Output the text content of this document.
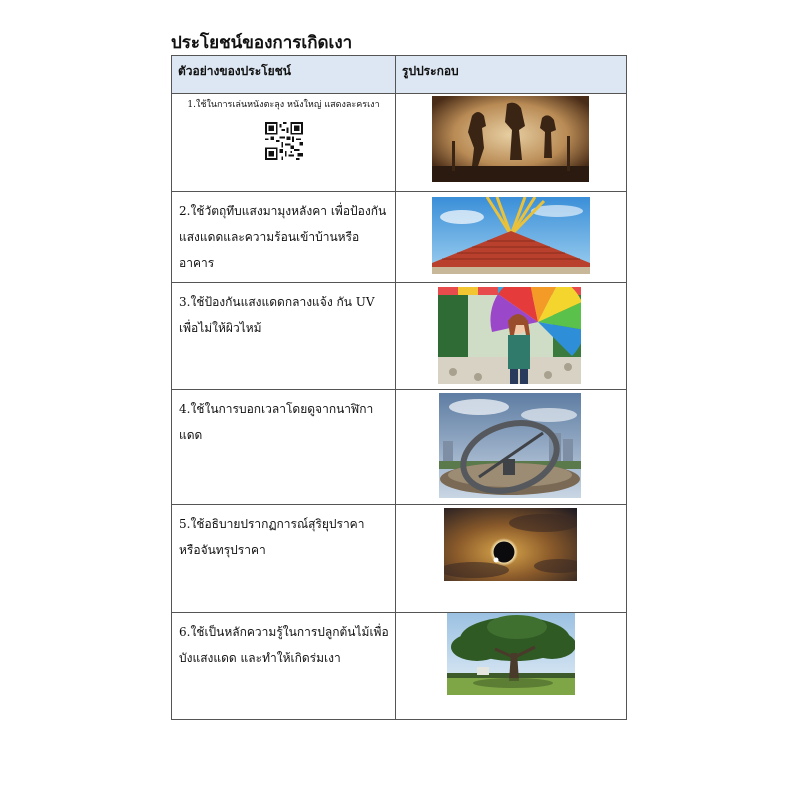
ประโยชน์ของการเกิดเงา
ตัวอย่างของประโยชน์	รูปประกอบ

1.ใช้ในการเล่นหนังตะลุง หนังใหญ่ แสดงละครเงา

2.ใช้วัตถุทึบแสงมามุงหลังคา เพื่อป้องกันแสงแดดและความร้อนเข้าบ้านหรืออาคาร

3.ใช้ป้องกันแสงแดดกลางแจ้ง กัน UV เพื่อไม่ให้ผิวไหม้

4.ใช้ในการบอกเวลาโดยดูจากนาฬิกาแดด

5.ใช้อธิบายปรากฏการณ์สุริยุปราคา หรือจันทรุปราคา

6.ใช้เป็นหลักความรู้ในการปลูกต้นไม้เพื่อบังแสงแดด และทำให้เกิดร่มเงา
